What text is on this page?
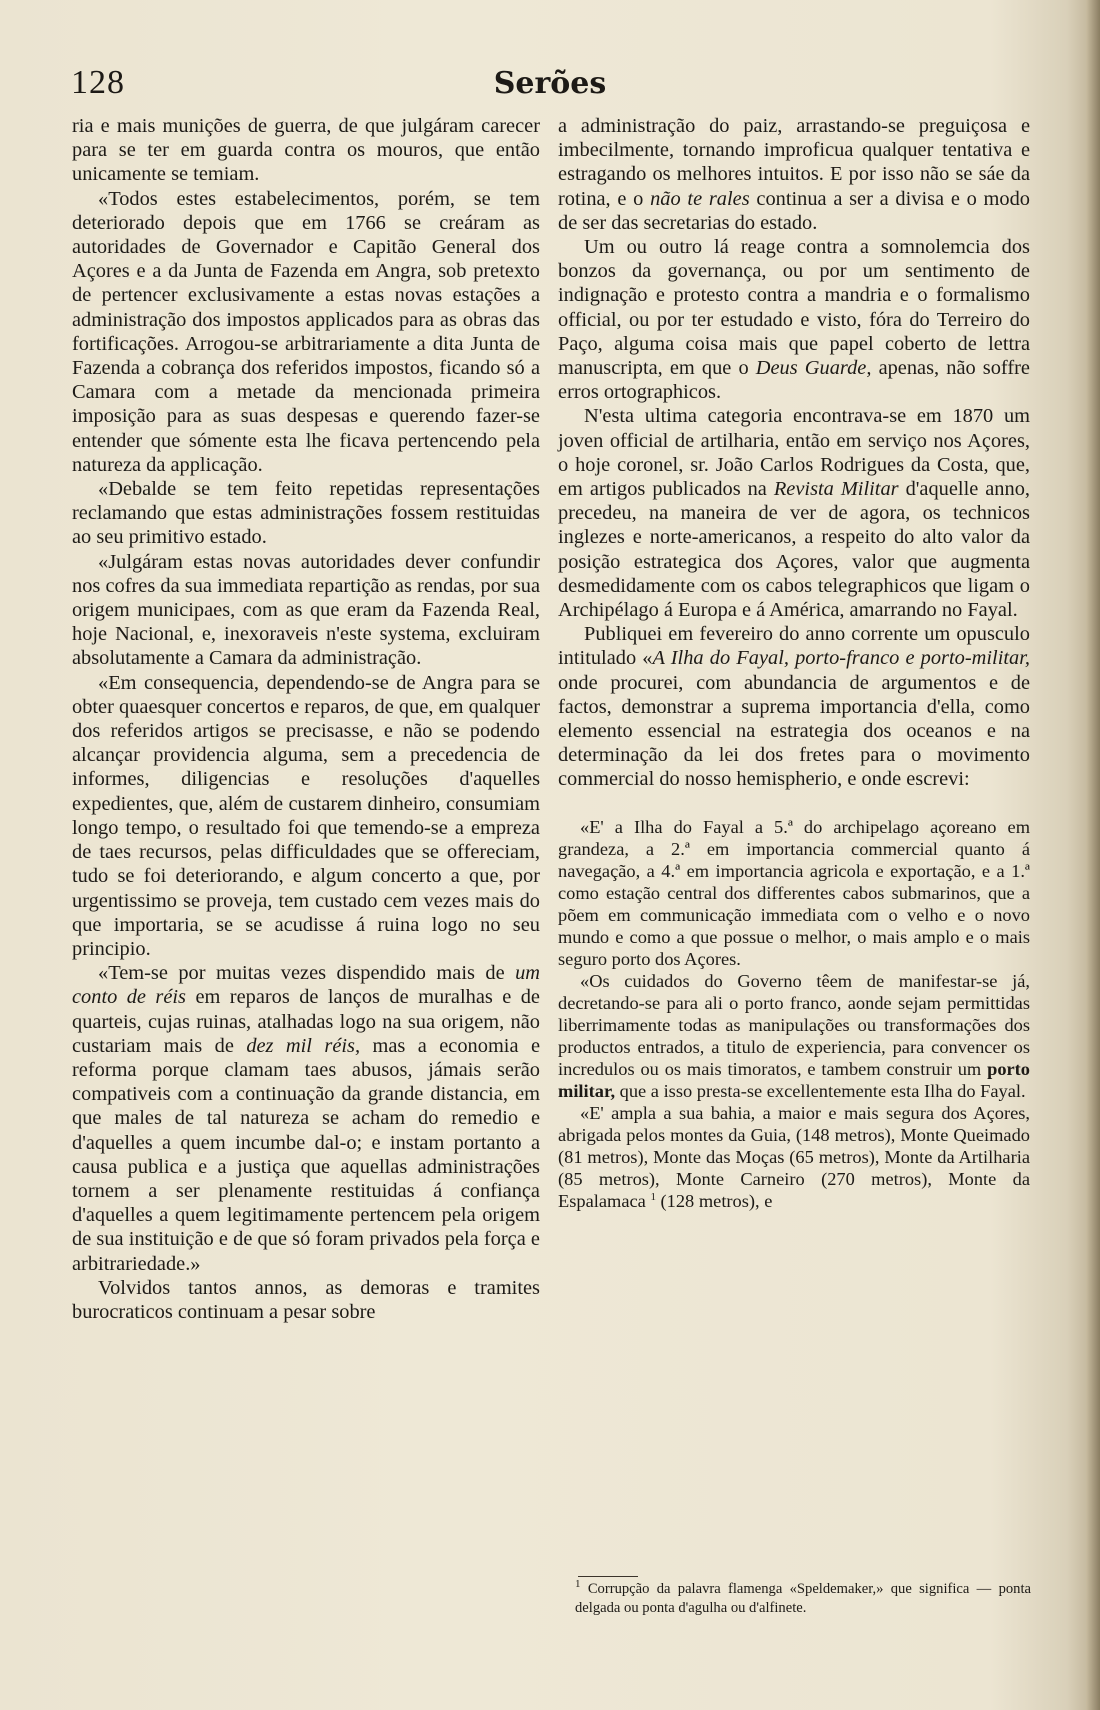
128	Serões

ria e mais munições de guerra, de que julgáram carecer para se ter em guarda contra os mouros, que então unicamente se temiam.

«Todos estes estabelecimentos, porém, se tem deteriorado depois que em 1766 se creáram as autoridades de Governador e Capitão General dos Açores e a da Junta de Fazenda em Angra, sob pretexto de pertencer exclusivamente a estas novas estações a administração dos impostos applicados para as obras das fortificações. Arrogou-se arbitrariamente a dita Junta de Fazenda a cobrança dos referidos impostos, ficando só a Camara com a metade da mencionada primeira imposição para as suas despesas e querendo fazer-se entender que sómente esta lhe ficava pertencendo pela natureza da applicação.

«Debalde se tem feito repetidas representações reclamando que estas administrações fossem restituidas ao seu primitivo estado.

«Julgáram estas novas autoridades dever confundir nos cofres da sua immediata repartição as rendas, por sua origem municipaes, com as que eram da Fazenda Real, hoje Nacional, e, inexoraveis n'este systema, excluiram absolutamente a Camara da administração.

«Em consequencia, dependendo-se de Angra para se obter quaesquer concertos e reparos, de que, em qualquer dos referidos artigos se precisasse, e não se podendo alcançar providencia alguma, sem a precedencia de informes, diligencias e resoluções d'aquelles expedientes, que, além de custarem dinheiro, consumiam longo tempo, o resultado foi que temendo-se a empreza de taes recursos, pelas difficuldades que se offereciam, tudo se foi deteriorando, e algum concerto a que, por urgentissimo se proveja, tem custado cem vezes mais do que importaria, se se acudisse á ruina logo no seu principio.

«Tem-se por muitas vezes dispendido mais de um conto de réis em reparos de lanços de muralhas e de quarteis, cujas ruinas, atalhadas logo na sua origem, não custariam mais de dez mil réis, mas a economia e reforma porque clamam taes abusos, jámais serão compativeis com a continuação da grande distancia, em que males de tal natureza se acham do remedio e d'aquelles a quem incumbe dal-o; e instam portanto a causa publica e a justiça que aquellas administrações tornem a ser plenamente restituidas á confiança d'aquelles a quem legitimamente pertencem pela origem de sua instituição e de que só foram privados pela força e arbitrariedade.»

Volvidos tantos annos, as demoras e tramites burocraticos continuam a pesar sobre

a administração do paiz, arrastando-se preguiçosa e imbecilmente, tornando improficua qualquer tentativa e estragando os melhores intuitos. E por isso não se sáe da rotina, e o não te rales continua a ser a divisa e o modo de ser das secretarias do estado.

Um ou outro lá reage contra a somnolemcia dos bonzos da governança, ou por um sentimento de indignação e protesto contra a mandria e o formalismo official, ou por ter estudado e visto, fóra do Terreiro do Paço, alguma coisa mais que papel coberto de lettra manuscripta, em que o Deus Guarde, apenas, não soffre erros ortographicos.

N'esta ultima categoria encontrava-se em 1870 um joven official de artilharia, então em serviço nos Açores, o hoje coronel, sr. João Carlos Rodrigues da Costa, que, em artigos publicados na Revista Militar d'aquelle anno, precedeu, na maneira de ver de agora, os technicos inglezes e norte-americanos, a respeito do alto valor da posição estrategica dos Açores, valor que augmenta desmedidamente com os cabos telegraphicos que ligam o Archipélago á Europa e á América, amarrando no Fayal.

Publiquei em fevereiro do anno corrente um opusculo intitulado «A Ilha do Fayal, porto-franco e porto-militar, onde procurei, com abundancia de argumentos e de factos, demonstrar a suprema importancia d'ella, como elemento essencial na estrategia dos oceanos e na determinação da lei dos fretes para o movimento commercial do nosso hemispherio, e onde escrevi:

«E' a Ilha do Fayal a 5.ª do archipelago açoreano em grandeza, a 2.ª em importancia commercial quanto á navegação, a 4.ª em importancia agricola e exportação, e a 1.ª como estação central dos differentes cabos submarinos, que a põem em communicação immediata com o velho e o novo mundo e como a que possue o melhor, o mais amplo e o mais seguro porto dos Açores.

«Os cuidados do Governo têem de manifestar-se já, decretando-se para ali o porto franco, aonde sejam permittidas liberrimamente todas as manipulações ou transformações dos productos entrados, a titulo de experiencia, para convencer os incredulos ou os mais timoratos, e tambem construir um porto militar, que a isso presta-se excellentemente esta Ilha do Fayal.

«E' ampla a sua bahia, a maior e mais segura dos Açores, abrigada pelos montes da Guia, (148 metros), Monte Queimado (81 metros), Monte das Moças (65 metros), Monte da Artilharia (85 metros), Monte Carneiro (270 metros), Monte da Espalamaca $^1$ (128 metros), e

$^1$ Corrupção da palavra flamenga «Speldemaker,» que significa — ponta delgada ou ponta d'agulha ou d'alfinete.
